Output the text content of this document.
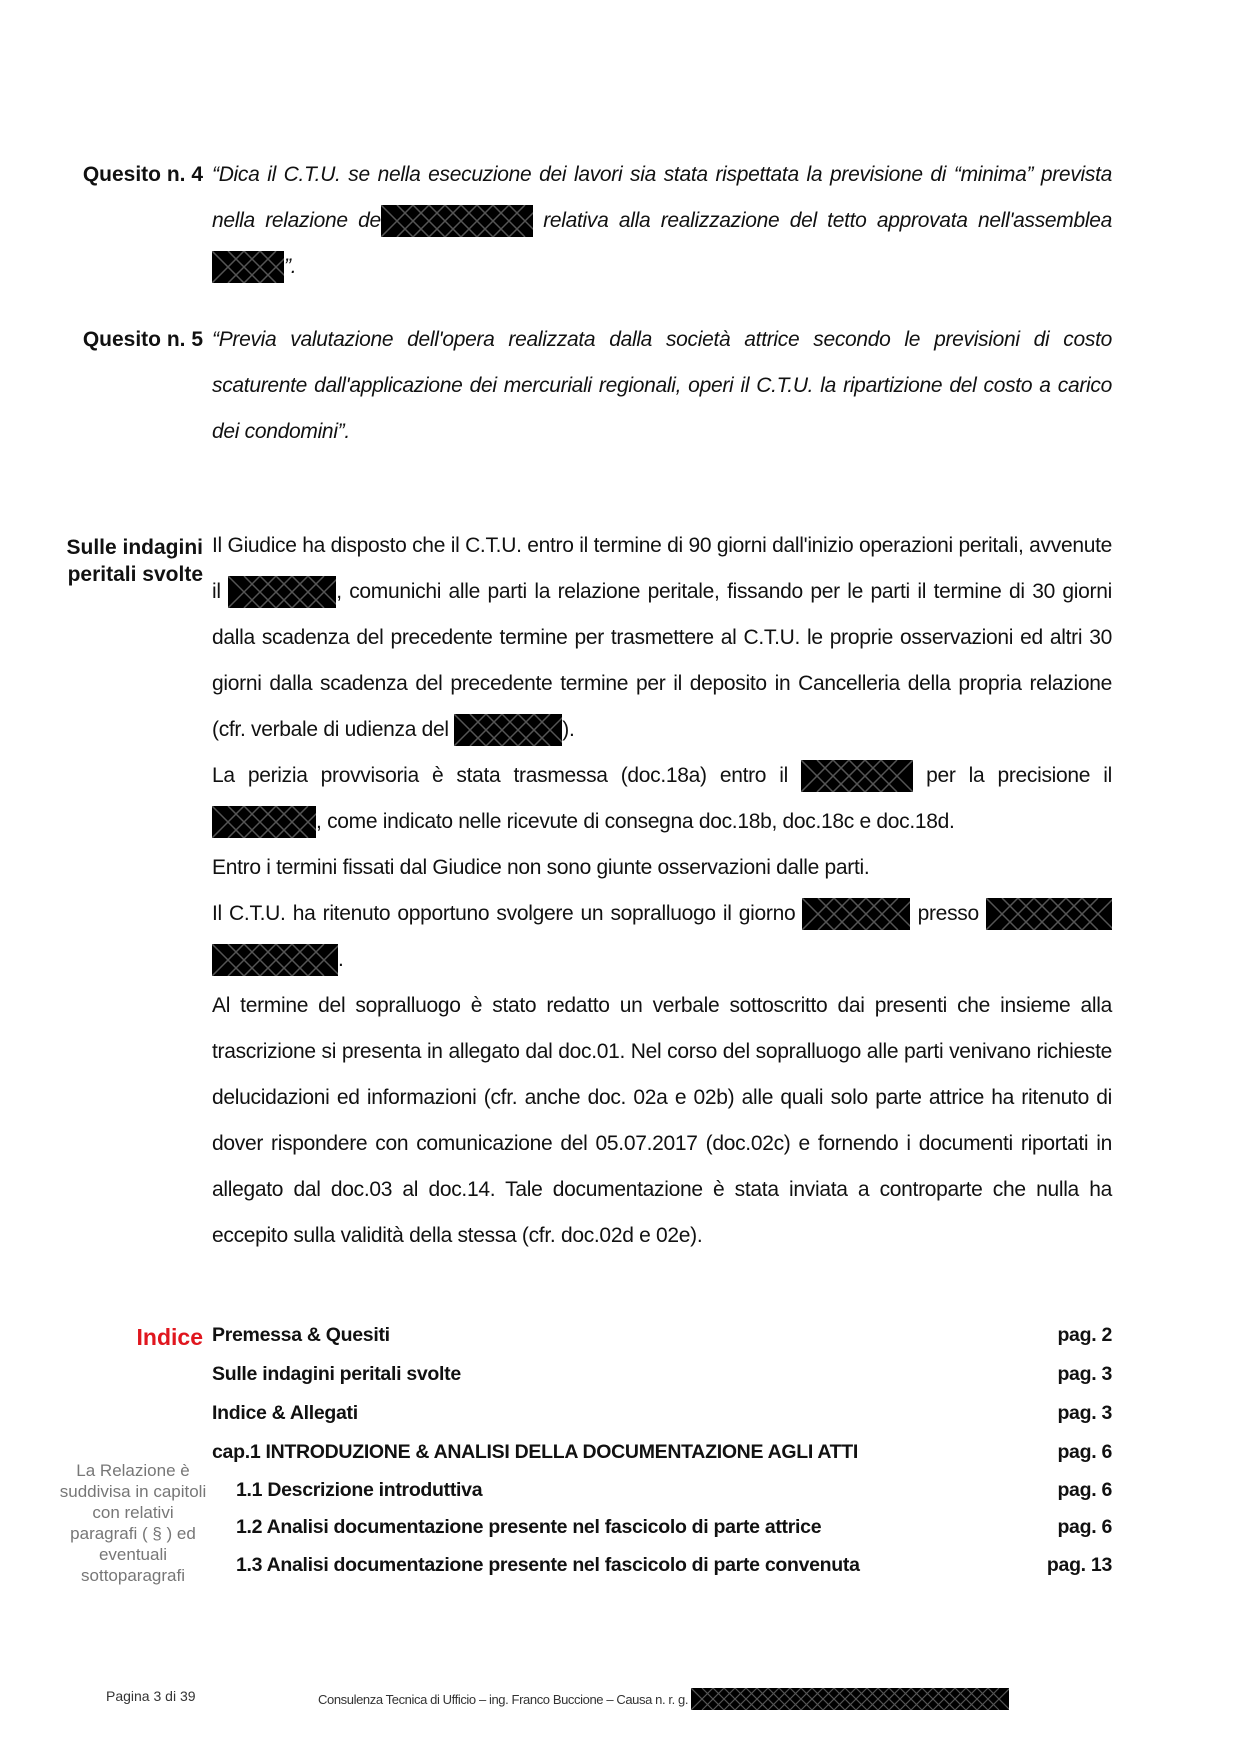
Quesito n. 4 “Dica il C.T.U. se nella esecuzione dei lavori sia stata rispettata la previsione di “minima” prevista nella relazione de	relativa alla realizzazione del tetto approvata nell'assemblea
”.
Quesito n. 5 “Previa valutazione dell'opera realizzata dalla società attrice secondo le previsioni di costo scaturente dall'applicazione dei mercuriali regionali, operi il C.T.U. la ripartizione del costo a carico dei condomini”.
Sulle indagini
peritali svolte
Il Giudice ha disposto che il C.T.U. entro il termine di 90 giorni dall'inizio operazioni peritali, avvenute il	, comunichi alle parti la relazione peritale, fissando per le parti il termine di 30 giorni dalla scadenza del precedente termine per trasmettere al C.T.U. le proprie osservazioni ed altri 30 giorni dalla scadenza del precedente termine per il deposito in Cancelleria della propria relazione (cfr. verbale di udienza del	).
La perizia provvisoria è stata trasmessa (doc.18a) entro il	per la precisione il
, come indicato nelle ricevute di consegna doc.18b, doc.18c e doc.18d.
Entro i termini fissati dal Giudice non sono giunte osservazioni dalle parti.
Il C.T.U. ha ritenuto opportuno svolgere un sopralluogo il giorno	presso

.
Al termine del sopralluogo è stato redatto un verbale sottoscritto dai presenti che insieme alla trascrizione si presenta in allegato dal doc.01. Nel corso del sopralluogo alle parti venivano richieste delucidazioni ed informazioni (cfr. anche doc. 02a e 02b) alle quali solo parte attrice ha ritenuto di dover rispondere con comunicazione del 05.07.2017 (doc.02c) e fornendo i documenti riportati in allegato dal doc.03 al doc.14. Tale documentazione è stata inviata a controparte che nulla ha eccepito sulla validità della stessa (cfr. doc.02d e 02e).
Indice Premessa & Quesiti	pag. 2
Sulle indagini peritali svolte	pag. 3
Indice & Allegati	pag. 3
cap.1 INTRODUZIONE & ANALISI DELLA DOCUMENTAZIONE AGLI ATTI	pag. 6
1.1 Descrizione introduttiva	pag. 6
1.2 Analisi documentazione presente nel fascicolo di parte attrice	pag. 6
1.3 Analisi documentazione presente nel fascicolo di parte convenuta	pag. 13
La Relazione è suddivisa in capitoli con relativi paragrafi ( § ) ed eventuali sottoparagrafi
Pagina 3 di 39	Consulenza Tecnica di Ufficio – ing. Franco Buccione – Causa n. r. g.
